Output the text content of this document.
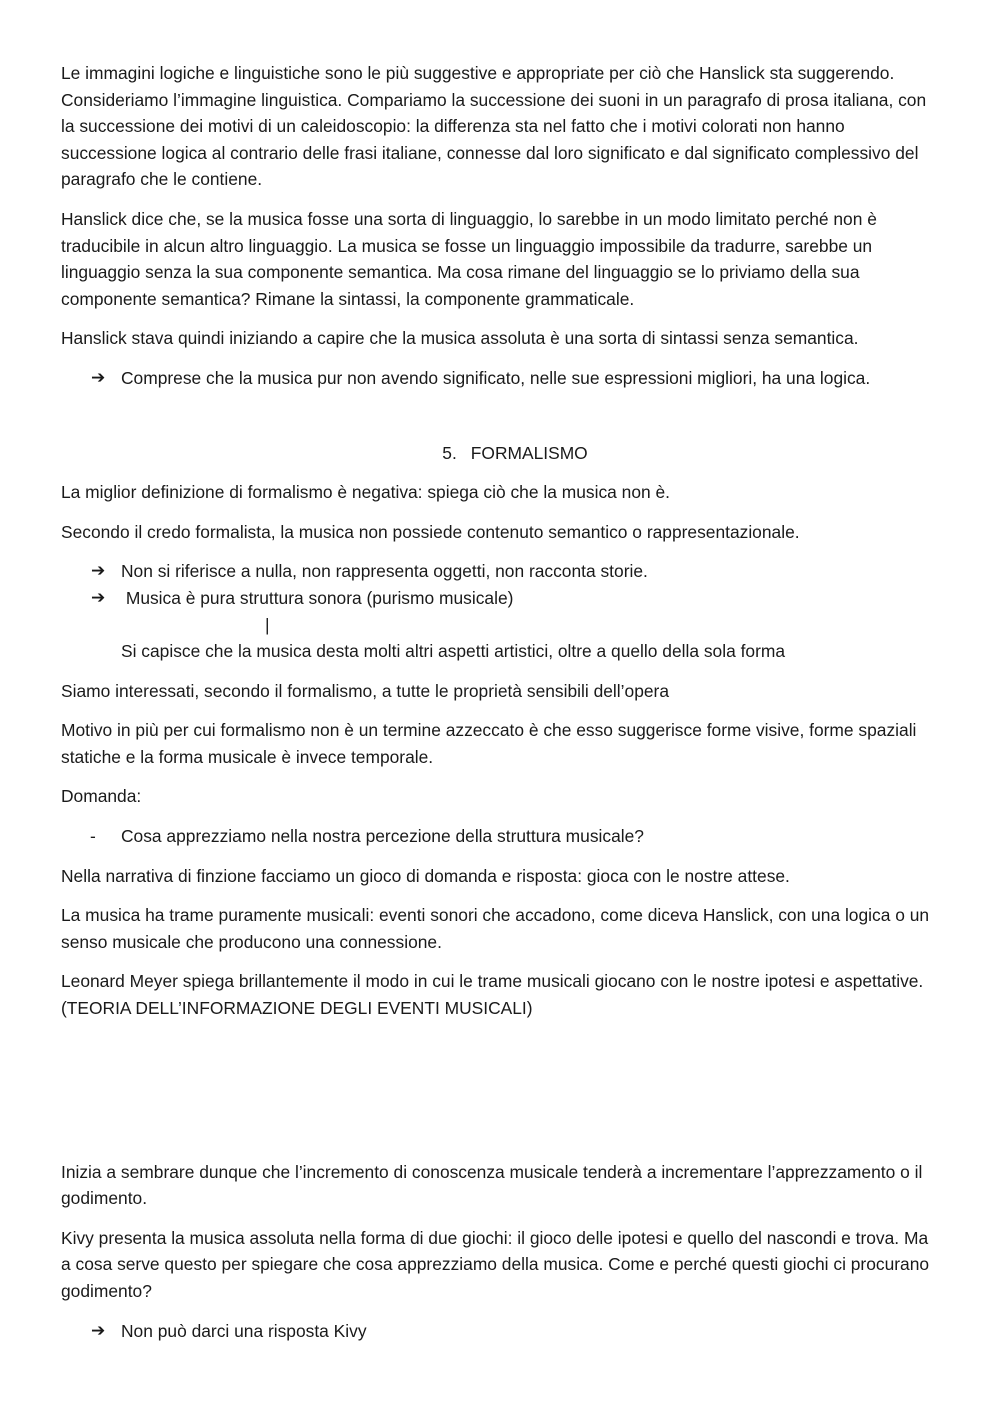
Le immagini logiche e linguistiche sono le più suggestive e appropriate per ciò che Hanslick sta suggerendo. Consideriamo l’immagine linguistica. Compariamo la successione dei suoni in un paragrafo di prosa italiana, con la successione dei motivi di un caleidoscopio: la differenza sta nel fatto che i motivi colorati non hanno successione logica al contrario delle frasi italiane, connesse dal loro significato e dal significato complessivo del paragrafo che le contiene.

Hanslick dice che, se la musica fosse una sorta di linguaggio, lo sarebbe in un modo limitato perché non è traducibile in alcun altro linguaggio. La musica se fosse un linguaggio impossibile da tradurre, sarebbe un linguaggio senza la sua componente semantica. Ma cosa rimane del linguaggio se lo priviamo della sua componente semantica? Rimane la sintassi, la componente grammaticale.

Hanslick stava quindi iniziando a capire che la musica assoluta è una sorta di sintassi senza semantica.

➔ Comprese che la musica pur non avendo significato, nelle sue espressioni migliori, ha una logica.
5. FORMALISMO

La miglior definizione di formalismo è negativa: spiega ciò che la musica non è.

Secondo il credo formalista, la musica non possiede contenuto semantico o rappresentazionale.

➔ Non si riferisce a nulla, non rappresenta oggetti, non racconta storie.
➔ Musica è pura struttura sonora (purismo musicale)
|

Si capisce che la musica desta molti altri aspetti artistici, oltre a quello della sola forma

Siamo interessati, secondo il formalismo, a tutte le proprietà sensibili dell’opera

Motivo in più per cui formalismo non è un termine azzeccato è che esso suggerisce forme visive, forme spaziali statiche e la forma musicale è invece temporale.

Domanda:

- Cosa apprezziamo nella nostra percezione della struttura musicale?

Nella narrativa di finzione facciamo un gioco di domanda e risposta: gioca con le nostre attese.

La musica ha trame puramente musicali: eventi sonori che accadono, come diceva Hanslick, con una logica o un senso musicale che producono una connessione.

Leonard Meyer spiega brillantemente il modo in cui le trame musicali giocano con le nostre ipotesi e aspettative. (TEORIA DELL’INFORMAZIONE DEGLI EVENTI MUSICALI)

Inizia a sembrare dunque che l’incremento di conoscenza musicale tenderà a incrementare l’apprezzamento o il godimento.

Kivy presenta la musica assoluta nella forma di due giochi: il gioco delle ipotesi e quello del nascondi e trova. Ma a cosa serve questo per spiegare che cosa apprezziamo della musica. Come e perché questi giochi ci procurano godimento?

➔ Non può darci una risposta Kivy
